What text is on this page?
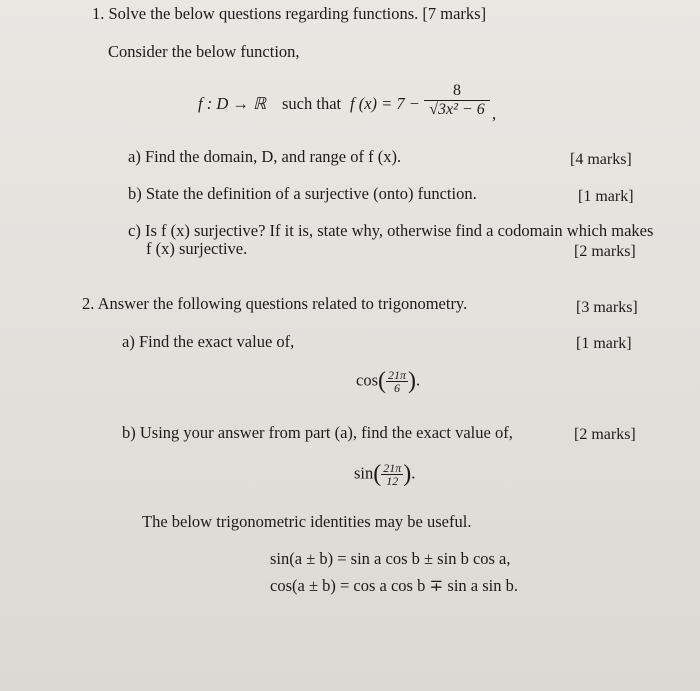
1. Solve the below questions regarding functions. [7 marks]
Consider the below function,
f : D → ℝ such that f $(x) = 7 - \frac{8}{\text{√3x² − 6}}$ ,
a) Find the domain, D, and range of f (x).	[4 marks]
b) State the definition of a surjective (onto) function.	[1 mark]
c) Is f (x) surjective? If it is, state why, otherwise find a codomain which makes
f (x) surjective.	[2 marks]
2. Answer the following questions related to trigonometry.	[3 marks]
a) Find the exact value of,	[1 mark]
$\cos( \frac{21\pi}{6}$ ).
b) Using your answer from part (a), find the exact value of,	[2 marks]
$\sin( \frac{21\pi}{12}$ ).
The below trigonometric identities may be useful.
sin(a ± b) = sin a cos b ± sin b cos a,
cos(a ± b) = cos a cos b ∓ sin a sin b.
